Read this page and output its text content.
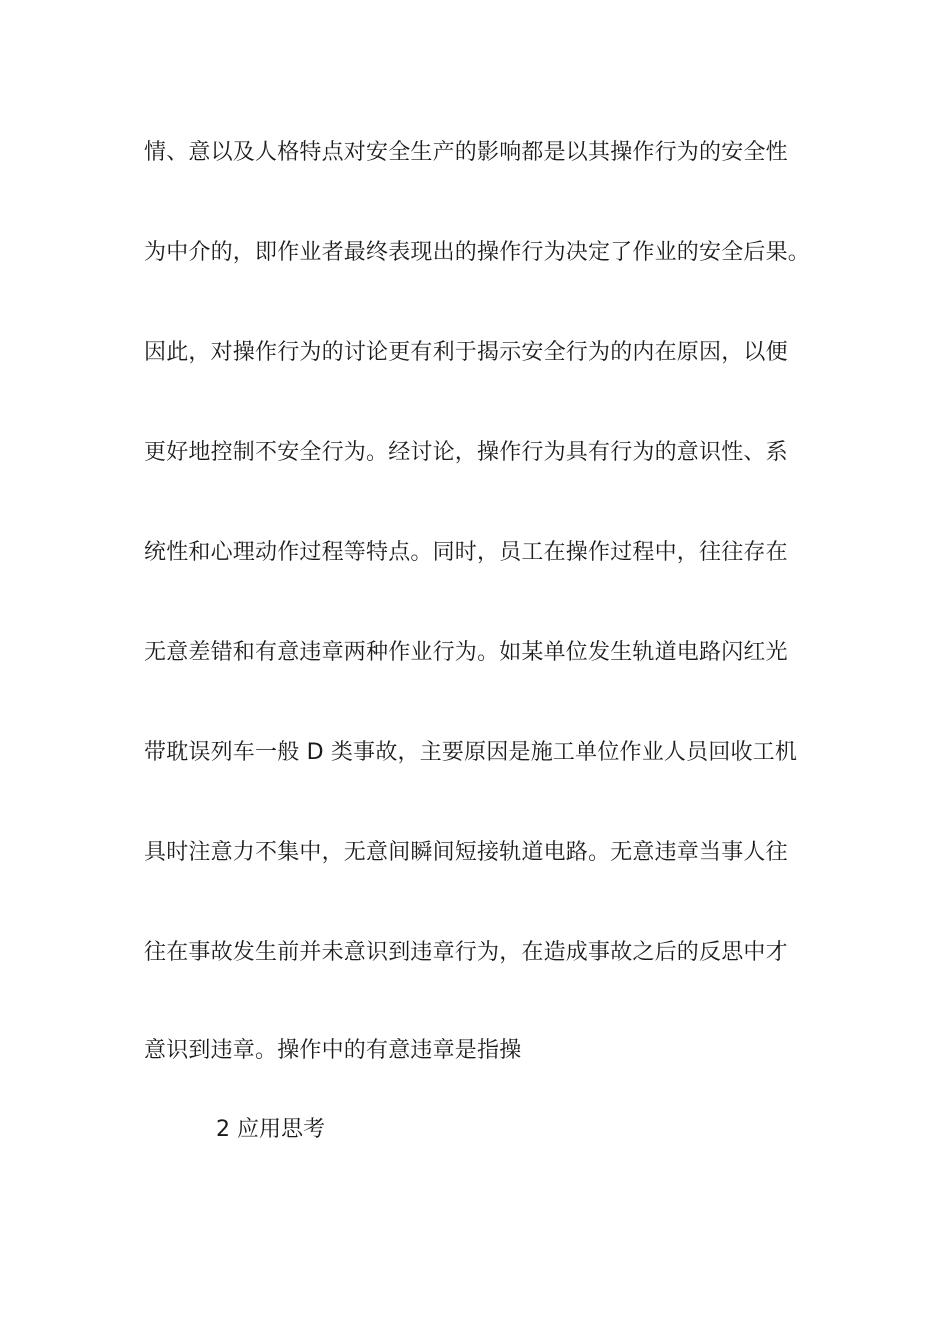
情、意以及人格特点对安全生产的影响都是以其操作行为的安全性
为中介的，即作业者最终表现出的操作行为决定了作业的安全后果。
因此，对操作行为的讨论更有利于揭示安全行为的内在原因，以便
更好地控制不安全行为。经讨论，操作行为具有行为的意识性、系
统性和心理动作过程等特点。同时，员工在操作过程中，往往存在
无意差错和有意违章两种作业行为。如某单位发生轨道电路闪红光
带耽误列车一般 D 类事故，主要原因是施工单位作业人员回收工机
具时注意力不集中，无意间瞬间短接轨道电路。无意违章当事人往
往在事故发生前并未意识到违章行为，在造成事故之后的反思中才
意识到违章。操作中的有意违章是指操
2 应用思考
